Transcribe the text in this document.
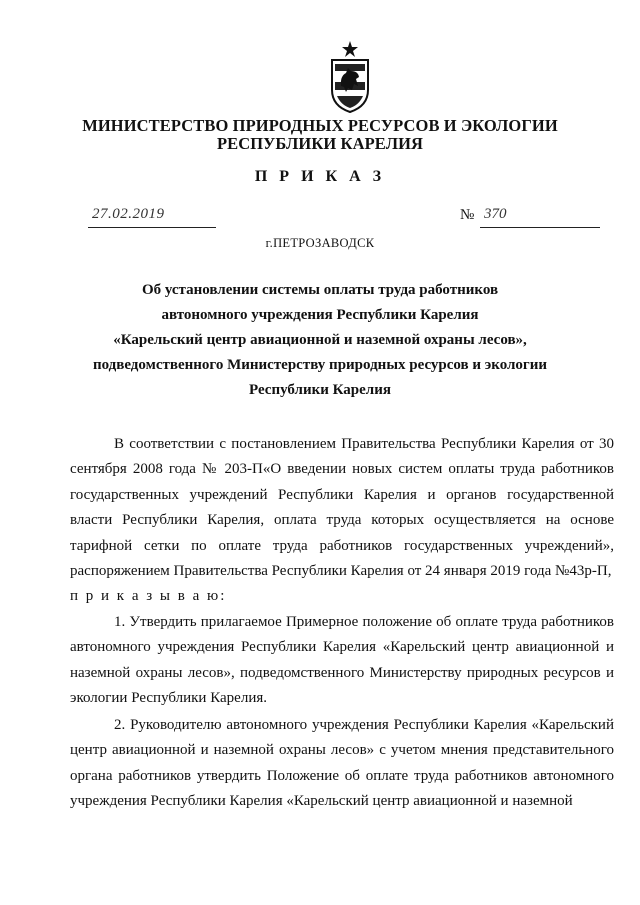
МИНИСТЕРСТВО ПРИРОДНЫХ РЕСУРСОВ И ЭКОЛОГИИ
РЕСПУБЛИКИ КАРЕЛИЯ
П Р И К А З
27.02.2019	№ 370
г.ПЕТРОЗАВОДСК
Об установлении системы оплаты труда работников
автономного учреждения Республики Карелия
«Карельский центр авиационной и наземной охраны лесов»,
подведомственного Министерству природных ресурсов и экологии
Республики Карелия

В соответствии с постановлением Правительства Республики Карелия от 30 сентября 2008 года № 203-П«О введении новых систем оплаты труда работников государственных учреждений Республики Карелия и органов государственной власти Республики Карелия, оплата труда которых осуществляется на основе тарифной сетки по оплате труда работников государственных учреждений», распоряжением Правительства Республики Карелия от 24 января 2019 года №43р-П,

п р и к а з ы в а ю:

1. Утвердить прилагаемое Примерное положение об оплате труда работников автономного учреждения Республики Карелия «Карельский центр авиационной и наземной охраны лесов», подведомственного Министерству природных ресурсов и экологии Республики Карелия.

2. Руководителю автономного учреждения Республики Карелия «Карельский центр авиационной и наземной охраны лесов» с учетом мнения представительного органа работников утвердить Положение об оплате труда работников автономного учреждения Республики Карелия «Карельский центр авиационной и наземной
